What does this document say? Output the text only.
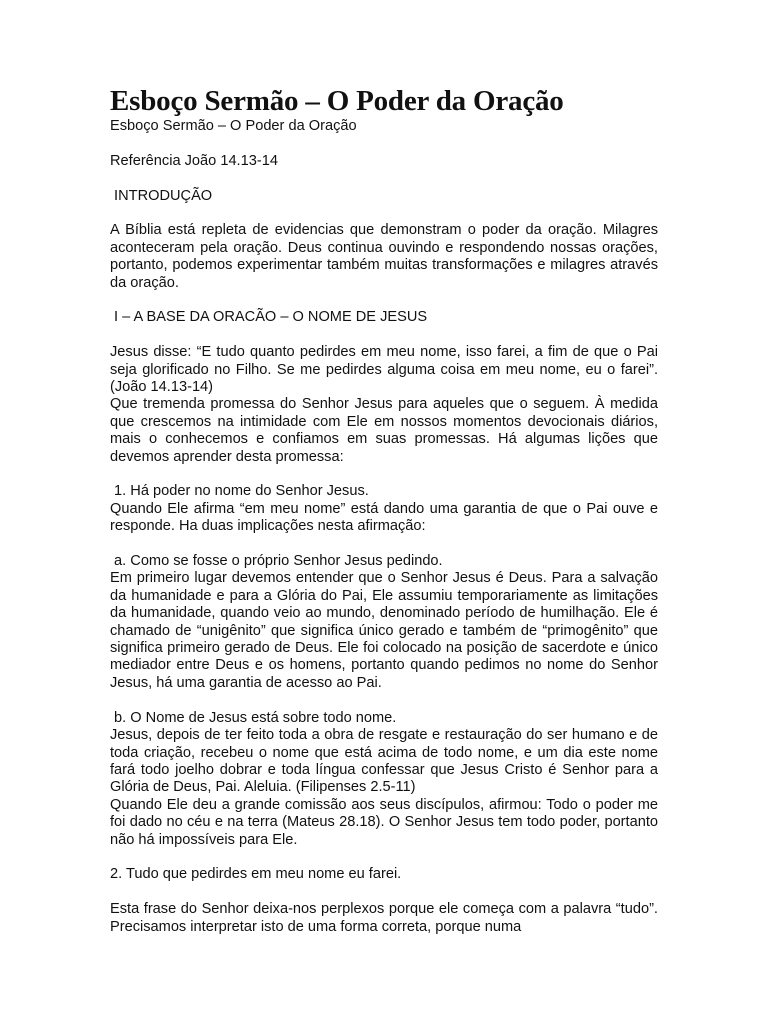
Esboço Sermão – O Poder da Oração

Esboço Sermão – O Poder da Oração

Referência João 14.13-14

INTRODUÇÃO

A Bíblia está repleta de evidencias que demonstram o poder da oração. Milagres aconteceram pela oração. Deus continua ouvindo e respondendo nossas orações, portanto, podemos experimentar também muitas transformações e milagres através da oração.

I – A BASE DA ORACÃO – O NOME DE JESUS

Jesus disse: “E tudo quanto pedirdes em meu nome, isso farei, a fim de que o Pai seja glorificado no Filho. Se me pedirdes alguma coisa em meu nome, eu o farei”. (João 14.13-14)

Que tremenda promessa do Senhor Jesus para aqueles que o seguem. À medida que crescemos na intimidade com Ele em nossos momentos devocionais diários, mais o conhecemos e confiamos em suas promessas. Há algumas lições que devemos aprender desta promessa:

1. Há poder no nome do Senhor Jesus.

Quando Ele afirma “em meu nome” está dando uma garantia de que o Pai ouve e responde. Ha duas implicações nesta afirmação:

a. Como se fosse o próprio Senhor Jesus pedindo.

Em primeiro lugar devemos entender que o Senhor Jesus é Deus. Para a salvação da humanidade e para a Glória do Pai, Ele assumiu temporariamente as limitações da humanidade, quando veio ao mundo, denominado período de humilhação. Ele é chamado de “unigênito” que significa único gerado e também de “primogênito” que significa primeiro gerado de Deus. Ele foi colocado na posição de sacerdote e único mediador entre Deus e os homens, portanto quando pedimos no nome do Senhor Jesus, há uma garantia de acesso ao Pai.

b. O Nome de Jesus está sobre todo nome.

Jesus, depois de ter feito toda a obra de resgate e restauração do ser humano e de toda criação, recebeu o nome que está acima de todo nome, e um dia este nome fará todo joelho dobrar e toda língua confessar que Jesus Cristo é Senhor para a Glória de Deus, Pai. Aleluia. (Filipenses 2.5-11)

Quando Ele deu a grande comissão aos seus discípulos, afirmou: Todo o poder me foi dado no céu e na terra (Mateus 28.18). O Senhor Jesus tem todo poder, portanto não há impossíveis para Ele.

2. Tudo que pedirdes em meu nome eu farei.

Esta frase do Senhor deixa-nos perplexos porque ele começa com a palavra “tudo”. Precisamos interpretar isto de uma forma correta, porque numa
